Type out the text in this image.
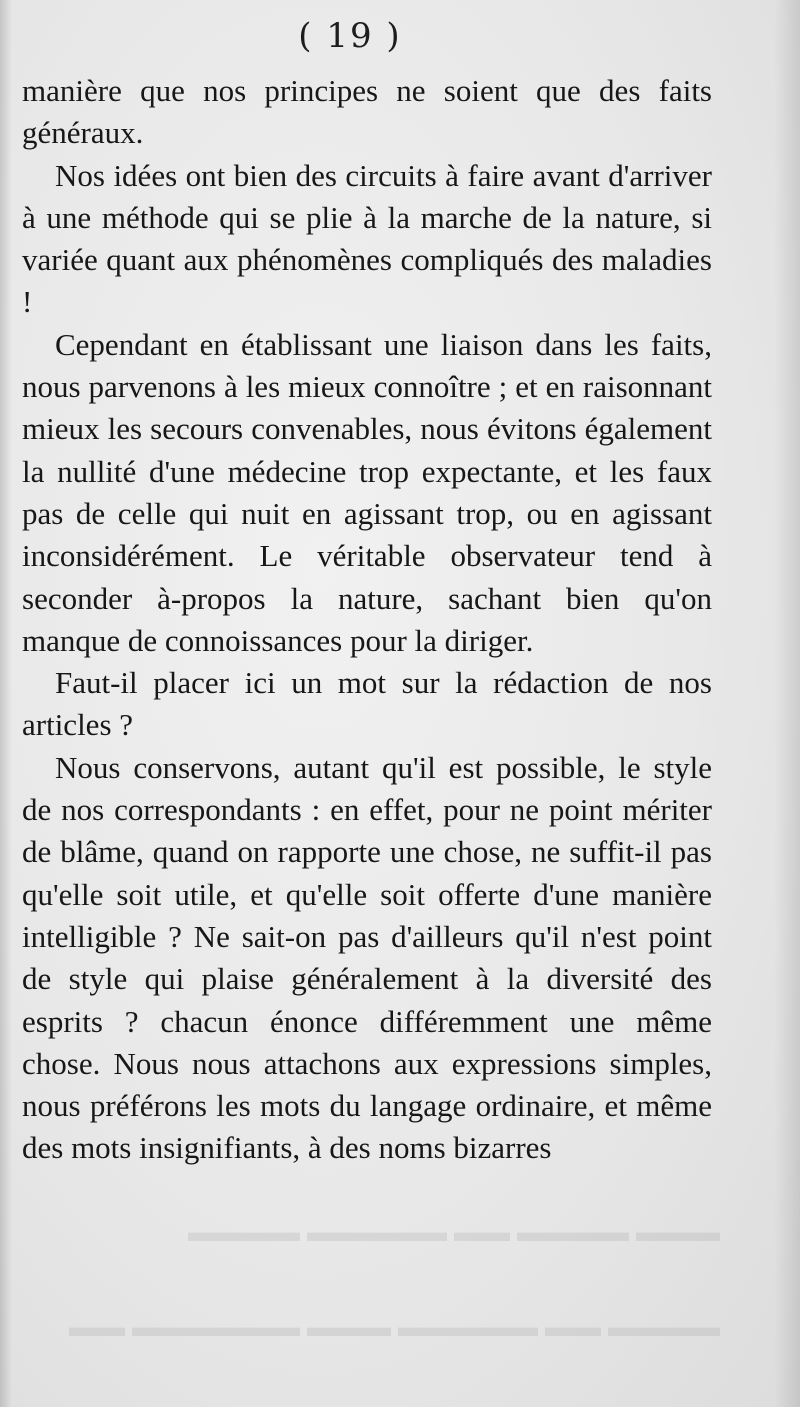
▬▬▬ ▬▬▬▬ ▬▬ ▬▬▬▬▬ ▬▬▬▬
▬▬▬▬ ▬▬ ▬▬▬▬▬ ▬▬▬ ▬▬▬▬▬▬ ▬▬
( 19 )

manière que nos principes ne soient que des faits généraux.

Nos idées ont bien des circuits à faire avant d'arriver à une méthode qui se plie à la marche de la nature, si variée quant aux phénomènes compliqués des maladies !

Cependant en établissant une liaison dans les faits, nous parvenons à les mieux connoître ; et en raisonnant mieux les secours convenables, nous évitons également la nullité d'une médecine trop expectante, et les faux pas de celle qui nuit en agissant trop, ou en agissant inconsidérément. Le véritable observateur tend à seconder à-propos la nature, sachant bien qu'on manque de connoissances pour la diriger.

Faut-il placer ici un mot sur la rédaction de nos articles ?

Nous conservons, autant qu'il est possible, le style de nos correspondants : en effet, pour ne point mériter de blâme, quand on rapporte une chose, ne suffit-il pas qu'elle soit utile, et qu'elle soit offerte d'une manière intelligible ? Ne sait-on pas d'ailleurs qu'il n'est point de style qui plaise généralement à la diversité des esprits ? chacun énonce différemment une même chose. Nous nous attachons aux expressions simples, nous préférons les mots du langage ordinaire, et même des mots insignifiants, à des noms bizarres
